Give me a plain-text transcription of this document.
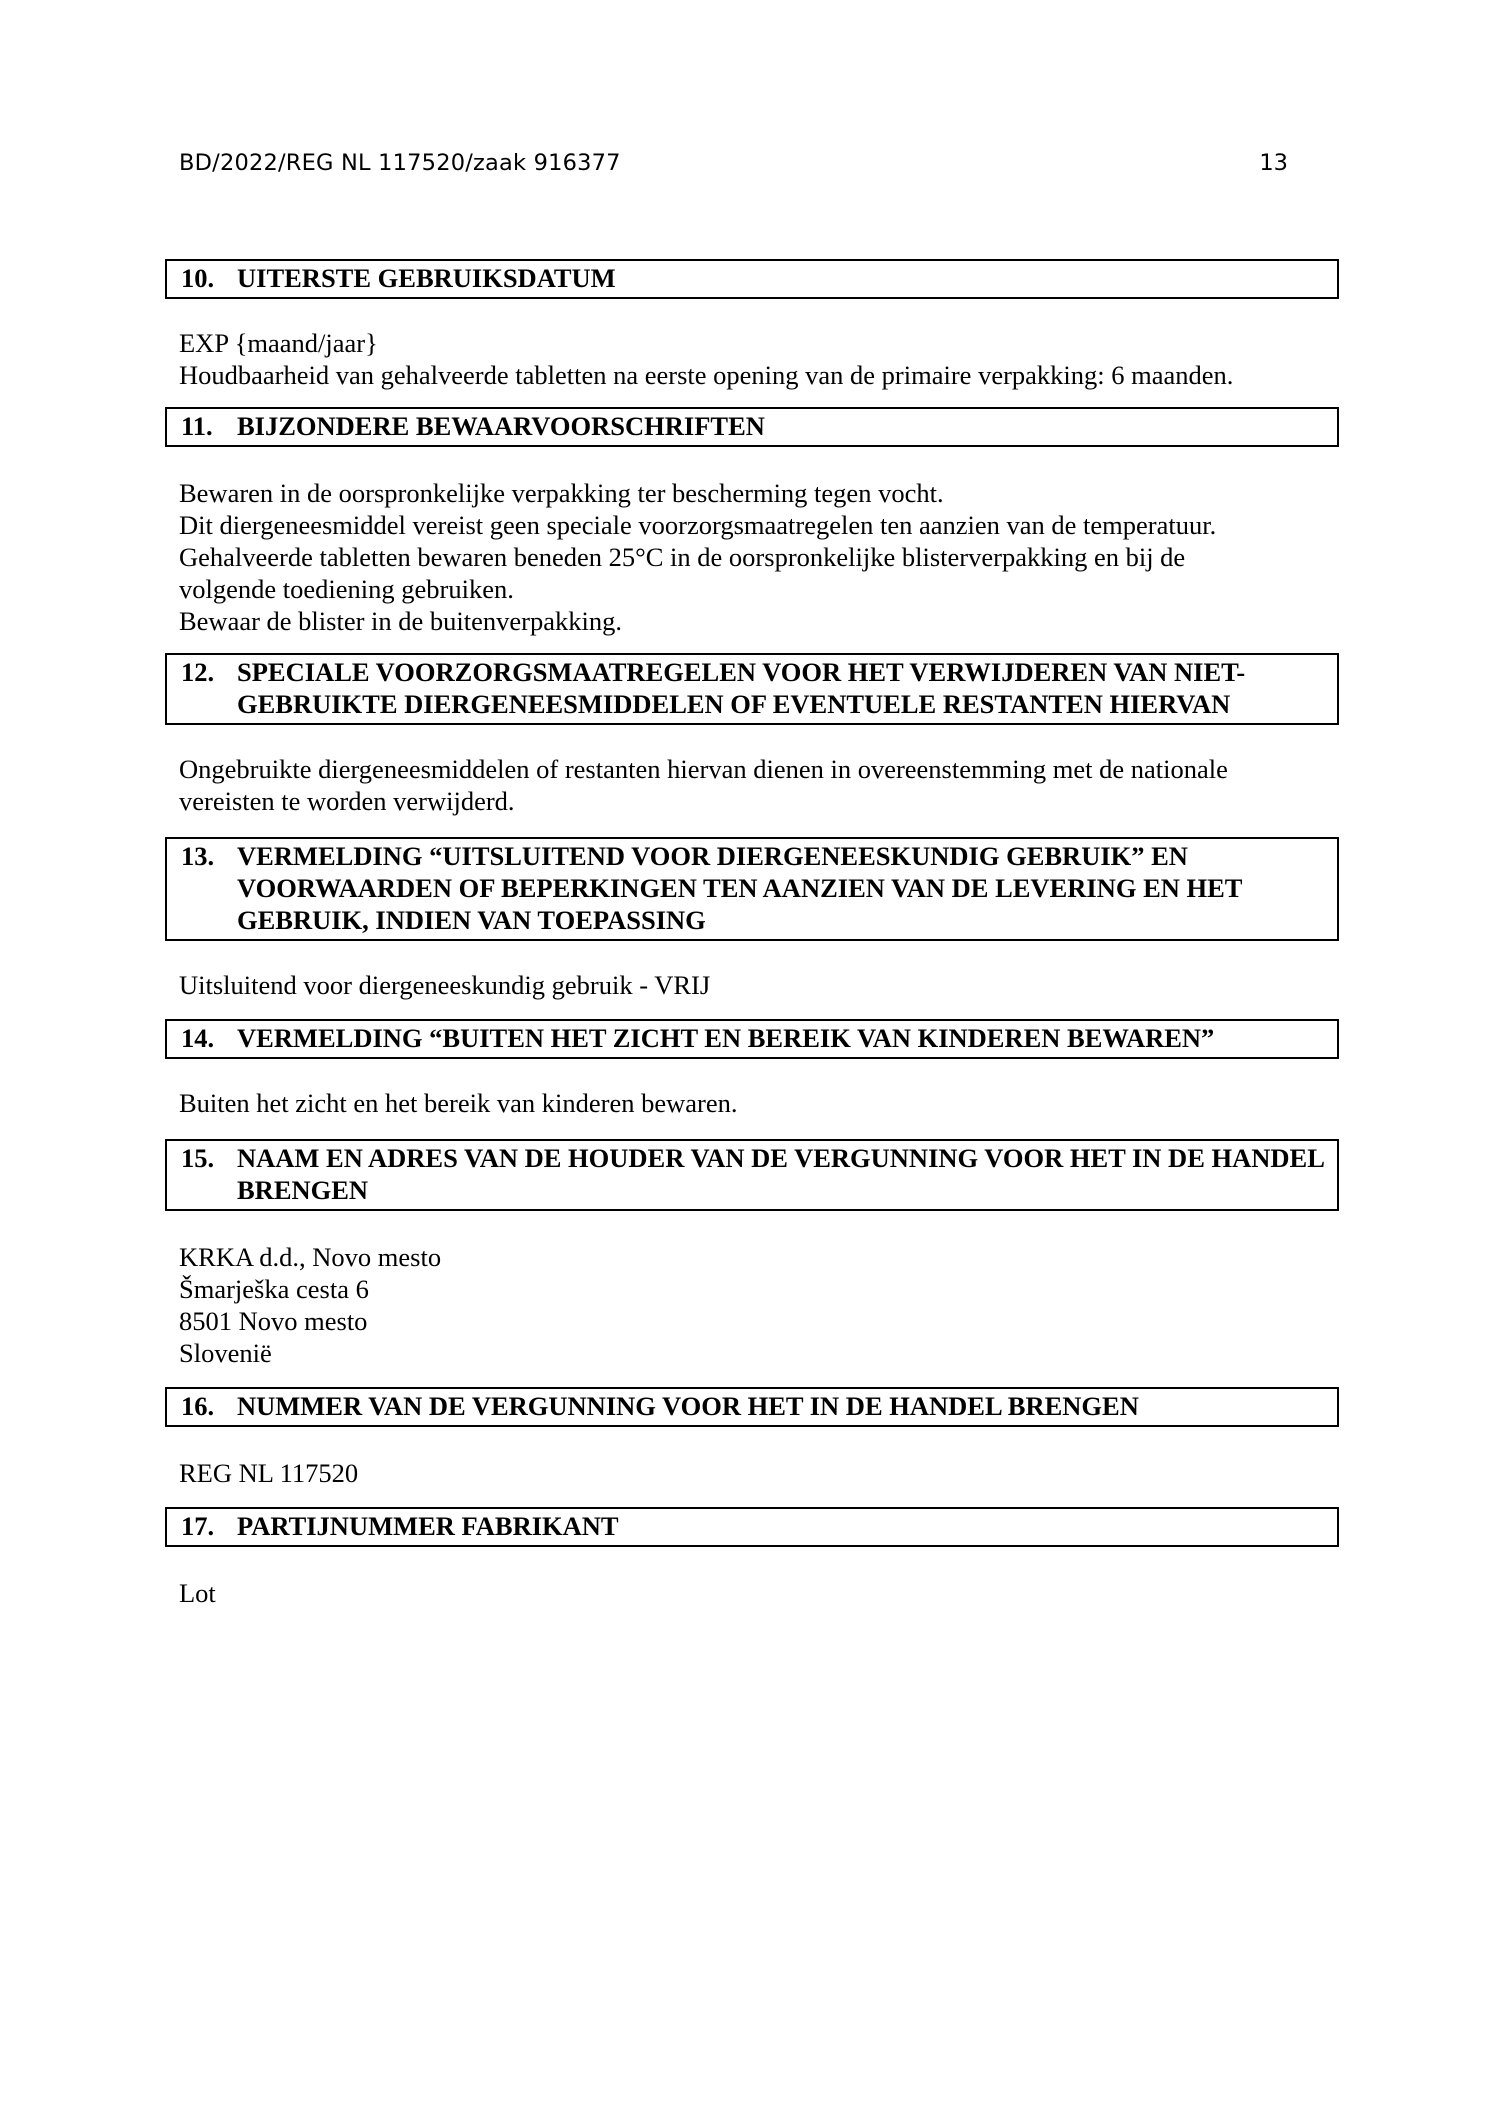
BD/2022/REG NL 117520/zaak 916377	13
10. UITERSTE GEBRUIKSDATUM

EXP {maand/jaar}

Houdbaarheid van gehalveerde tabletten na eerste opening van de primaire verpakking: 6 maanden.

11. BIJZONDERE BEWAARVOORSCHRIFTEN

Bewaren in de oorspronkelijke verpakking ter bescherming tegen vocht.

Dit diergeneesmiddel vereist geen speciale voorzorgsmaatregelen ten aanzien van de temperatuur.

Gehalveerde tabletten bewaren beneden 25°C in de oorspronkelijke blisterverpakking en bij de volgende toediening gebruiken.

Bewaar de blister in de buitenverpakking.

12. SPECIALE VOORZORGSMAATREGELEN VOOR HET VERWIJDEREN VAN NIET-GEBRUIKTE DIERGENEESMIDDELEN OF EVENTUELE RESTANTEN HIERVAN

Ongebruikte diergeneesmiddelen of restanten hiervan dienen in overeenstemming met de nationale vereisten te worden verwijderd.

13. VERMELDING “UITSLUITEND VOOR DIERGENEESKUNDIG GEBRUIK” EN VOORWAARDEN OF BEPERKINGEN TEN AANZIEN VAN DE LEVERING EN HET GEBRUIK, INDIEN VAN TOEPASSING

Uitsluitend voor diergeneeskundig gebruik - VRIJ

14. VERMELDING “BUITEN HET ZICHT EN BEREIK VAN KINDEREN BEWAREN”

Buiten het zicht en het bereik van kinderen bewaren.

15. NAAM EN ADRES VAN DE HOUDER VAN DE VERGUNNING VOOR HET IN DE HANDEL BRENGEN

KRKA d.d., Novo mesto

Šmarješka cesta 6

8501 Novo mesto

Slovenië

16. NUMMER VAN DE VERGUNNING VOOR HET IN DE HANDEL BRENGEN

REG NL 117520

17. PARTIJNUMMER FABRIKANT

Lot
